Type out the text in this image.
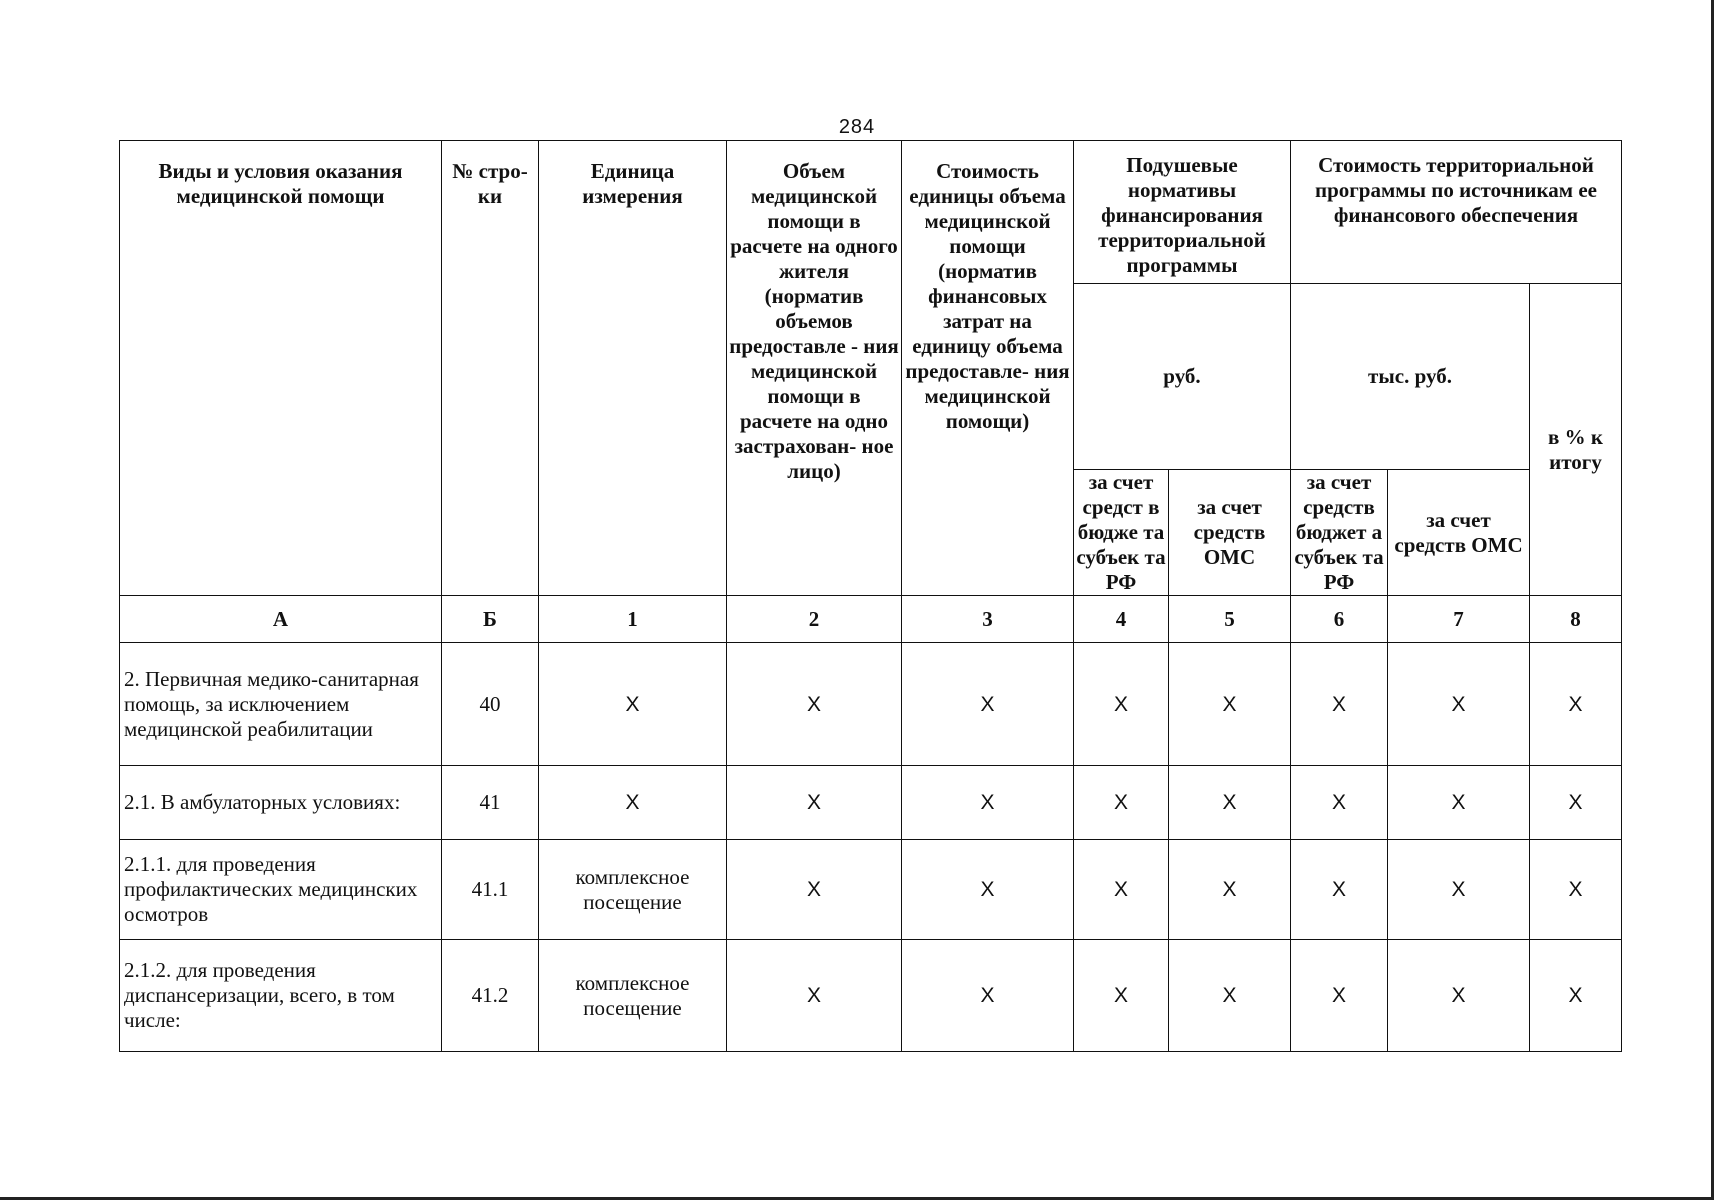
284
Виды и условия оказания медицинской помощи	№ стро- ки	Единица измерения	Объем медицинской помощи в расчете на одного жителя (норматив объемов предоставле - ния медицинской помощи в расчете на одно застрахован- ное лицо)	Стоимость единицы объема медицинской помощи (норматив финансовых затрат на единицу объема предоставле- ния медицинской помощи)	Подушевые нормативы финансирования территориальной программы		Стоимость территориальной программы по источникам ее финансового обеспечения		
					руб.		тыс. руб.		в % к итогу
					за счет средст в бюдже та субъек та РФ	за счет средств ОМС	за счет средств бюджет а субъек та РФ	за счет средств ОМС	
А	Б	1	2	3	4	5	6	7	8
2. Первичная медико-санитарная помощь, за исключением медицинской реабилитации	40	X	X	X	X	X	X	X	X
2.1. В амбулаторных условиях:	41	X	X	X	X	X	X	X	X
2.1.1. для проведения профилактических медицинских осмотров	41.1	комплексное посещение	X	X	X	X	X	X	X
2.1.2. для проведения диспансеризации, всего, в том числе:	41.2	комплексное посещение	X	X	X	X	X	X	X
